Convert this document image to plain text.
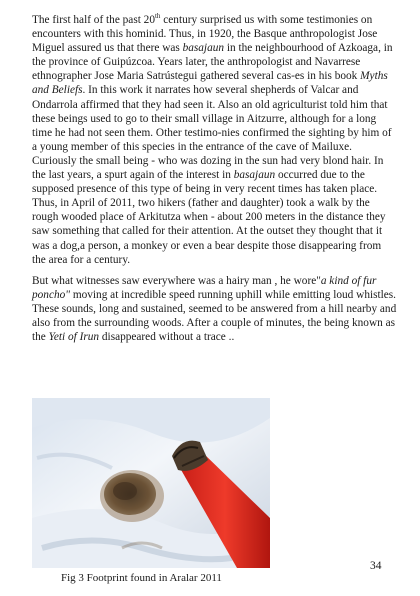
The first half of the past 20th century surprised us with some testimonies on encounters with this hominid. Thus, in 1920, the Basque anthropologist Jose Miguel assured us that there was basajaun in the neighbourhood of Azkoaga, in the province of Guipúzcoa. Years later, the anthropologist and Navarrese ethnographer Jose Maria Satrústegui gathered several cas-es in his book Myths and Beliefs. In this work it narrates how several shepherds of Valcar and Ondarrola affirmed that they had seen it. Also an old agriculturist told him that these beings used to go to their small village in Aitzurre, although for a long time he had not seen them. Other testimo-nies confirmed the sighting by him of a young member of this species in the entrance of the cave of Mailuxe. Curiously the small being - who was dozing in the sun had very blond hair. In the last years, a spurt again of the interest in basajaun occurred due to the supposed presence of this type of being in very recent times has taken place. Thus, in April of 2011, two hikers (father and daughter) took a walk by the rough wooded place of Arkitutza when - about 200 meters in the distance they saw something that called for their attention. At the outset they thought that it was a dog,a person, a monkey or even a bear despite those disappearing from the area for a century.

But what witnesses saw everywhere was a hairy man , he wore"a kind of fur poncho" moving at incredible speed running uphill while emitting loud whistles. These sounds, long and sustained, seemed to be answered from a hill nearby and also from the surrounding woods. After a couple of minutes, the being known as the Yeti of Irun disappeared without a trace ..

Fig 3 Footprint found in Aralar 2011
34
